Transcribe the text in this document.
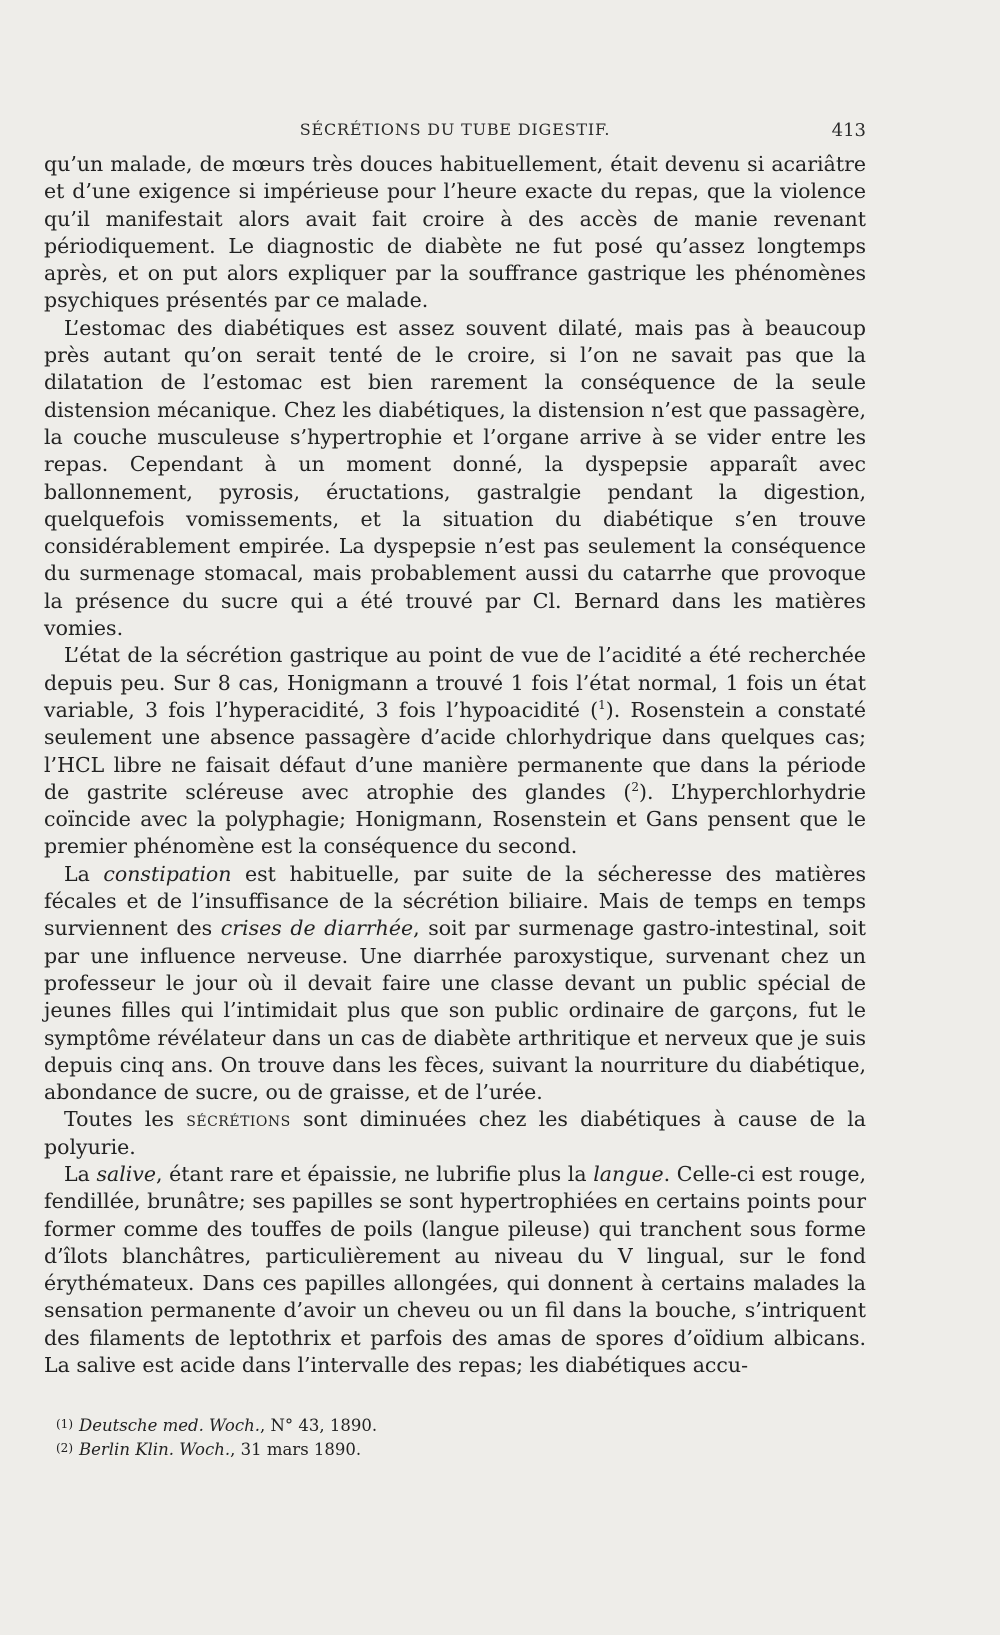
SÉCRÉTIONS DU TUBE DIGESTIF.	413

qu’un malade, de mœurs très douces habituellement, était devenu si acariâtre et d’une exigence si impérieuse pour l’heure exacte du repas, que la violence qu’il manifestait alors avait fait croire à des accès de manie revenant périodiquement. Le diagnostic de diabète ne fut posé qu’assez longtemps après, et on put alors expliquer par la souffrance gastrique les phénomènes psychiques présentés par ce malade.

L’estomac des diabétiques est assez souvent dilaté, mais pas à beaucoup près autant qu’on serait tenté de le croire, si l’on ne savait pas que la dilatation de l’estomac est bien rarement la conséquence de la seule distension mécanique. Chez les diabétiques, la distension n’est que passagère, la couche musculeuse s’hypertrophie et l’organe arrive à se vider entre les repas. Cependant à un moment donné, la dyspepsie apparaît avec ballonnement, pyrosis, éructations, gastralgie pendant la digestion, quelquefois vomissements, et la situation du diabétique s’en trouve considérablement empirée. La dyspepsie n’est pas seulement la conséquence du surmenage stomacal, mais probablement aussi du catarrhe que provoque la présence du sucre qui a été trouvé par Cl. Bernard dans les matières vomies.

L’état de la sécrétion gastrique au point de vue de l’acidité a été recherchée depuis peu. Sur 8 cas, Honigmann a trouvé 1 fois l’état normal, 1 fois un état variable, 3 fois l’hyperacidité, 3 fois l’hypoacidité ($^1$). Rosenstein a constaté seulement une absence passagère d’acide chlorhydrique dans quelques cas; l’HCL libre ne faisait défaut d’une manière permanente que dans la période de gastrite scléreuse avec atrophie des glandes ($^2$). L’hyperchlorhydrie coïncide avec la polyphagie; Honigmann, Rosenstein et Gans pensent que le premier phénomène est la conséquence du second.

La constipation est habituelle, par suite de la sécheresse des matières fécales et de l’insuffisance de la sécrétion biliaire. Mais de temps en temps surviennent des crises de diarrhée, soit par surmenage gastro-intestinal, soit par une influence nerveuse. Une diarrhée paroxystique, survenant chez un professeur le jour où il devait faire une classe devant un public spécial de jeunes filles qui l’intimidait plus que son public ordinaire de garçons, fut le symptôme révélateur dans un cas de diabète arthritique et nerveux que je suis depuis cinq ans. On trouve dans les fèces, suivant la nourriture du diabétique, abondance de sucre, ou de graisse, et de l’urée.

Toutes les sécrétions sont diminuées chez les diabétiques à cause de la polyurie.

La salive, étant rare et épaissie, ne lubrifie plus la langue. Celle-ci est rouge, fendillée, brunâtre; ses papilles se sont hypertrophiées en certains points pour former comme des touffes de poils (langue pileuse) qui tranchent sous forme d’îlots blanchâtres, particulièrement au niveau du V lingual, sur le fond érythémateux. Dans ces papilles allongées, qui donnent à certains malades la sensation permanente d’avoir un cheveu ou un fil dans la bouche, s’intriquent des filaments de leptothrix et parfois des amas de spores d’oïdium albicans. La salive est acide dans l’intervalle des repas; les diabétiques accu-

(1) Deutsche med. Woch., N° 43, 1890.
(2) Berlin Klin. Woch., 31 mars 1890.
